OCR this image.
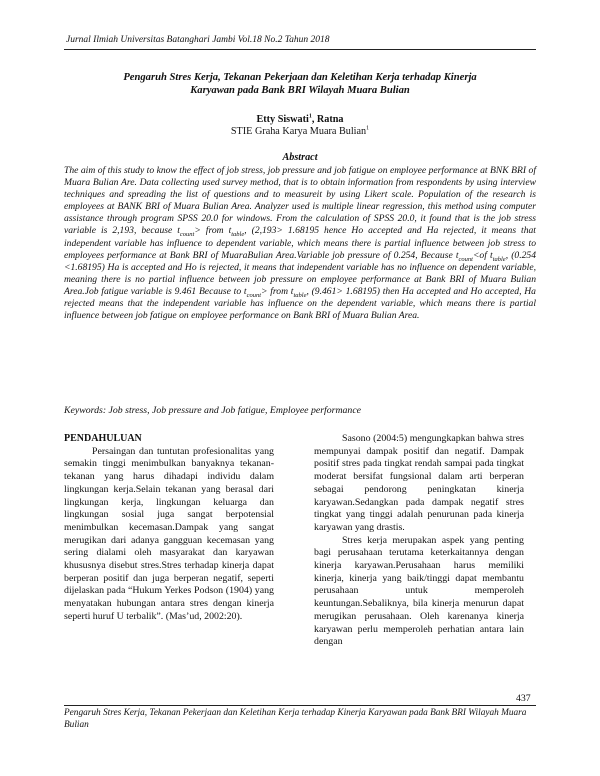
Jurnal Ilmiah Universitas Batanghari Jambi Vol.18 No.2 Tahun 2018
Pengaruh Stres Kerja, Tekanan Pekerjaan dan Keletihan Kerja terhadap Kinerja
Karyawan pada Bank BRI Wilayah Muara Bulian
Etty Siswati$^1$, Ratna
STIE Graha Karya Muara Bulian$^1$
Abstract

The aim of this study to know the effect of job stress, job pressure and job fatigue on employee performance at BNK BRI of Muara Bulian Are. Data collecting used survey method, that is to obtain information from respondents by using interview techniques and spreading the list of questions and to measureit by using Likert scale. Population of the research is employees at BANK BRI of Muara Bulian Area. Analyzer used is multiple linear regression, this method using computer assistance through program SPSS 20.0 for windows. From the calculation of SPSS 20.0, it found that is the job stress variable is 2,193, because $t_{count}>$ from $t_{table}$, (2,193> 1.68195 hence Ho accepted and Ha rejected, it means that independent variable has influence to dependent variable, which means there is partial influence between job stress to employees performance at Bank BRI of MuaraBulian Area.Variable job pressure of 0.254, Because $t_{count}<of$ $t_{table}$, (0.254 <1.68195) Ha is accepted and Ho is rejected, it means that independent variable has no influence on dependent variable, meaning there is no partial influence between job pressure on employee performance at Bank BRI of Muara Bulian Area.Job fatigue variable is 9.461 Because to $t_{count}>$ from $t_{table}$, (9.461> 1.68195) then Ha accepted and Ho accepted, Ha rejected means that the independent variable has influence on the dependent variable, which means there is partial influence between job fatigue on employee performance on Bank BRI of Muara Bulian Area.

Keywords: Job stress, Job pressure and Job fatigue, Employee performance
PENDAHULUAN

Persaingan dan tuntutan profesionalitas yang semakin tinggi menimbulkan banyaknya tekanan-tekanan yang harus dihadapi individu dalam lingkungan kerja.Selain tekanan yang berasal dari lingkungan kerja, lingkungan keluarga dan lingkungan sosial juga sangat berpotensial menimbulkan kecemasan.Dampak yang sangat merugikan dari adanya gangguan kecemasan yang sering dialami oleh masyarakat dan karyawan khususnya disebut stres.Stres terhadap kinerja dapat berperan positif dan juga berperan negatif, seperti dijelaskan pada “Hukum Yerkes Podson (1904) yang menyatakan hubungan antara stres dengan kinerja seperti huruf U terbalik”. (Mas’ud, 2002:20).

Sasono (2004:5) mengungkapkan bahwa stres mempunyai dampak positif dan negatif. Dampak positif stres pada tingkat rendah sampai pada tingkat moderat bersifat fungsional dalam arti berperan sebagai pendorong peningkatan kinerja karyawan.Sedangkan pada dampak negatif stres tingkat yang tinggi adalah penurunan pada kinerja karyawan yang drastis.

Stres kerja merupakan aspek yang penting bagi perusahaan terutama keterkaitannya dengan kinerja karyawan.Perusahaan harus memiliki kinerja, kinerja yang baik/tinggi dapat membantu perusahaan untuk memperoleh keuntungan.Sebaliknya, bila kinerja menurun dapat merugikan perusahaan. Oleh karenanya kinerja karyawan perlu memperoleh perhatian antara lain dengan

437
Pengaruh Stres Kerja, Tekanan Pekerjaan dan Keletihan Kerja terhadap Kinerja Karyawan pada Bank BRI Wilayah Muara Bulian
